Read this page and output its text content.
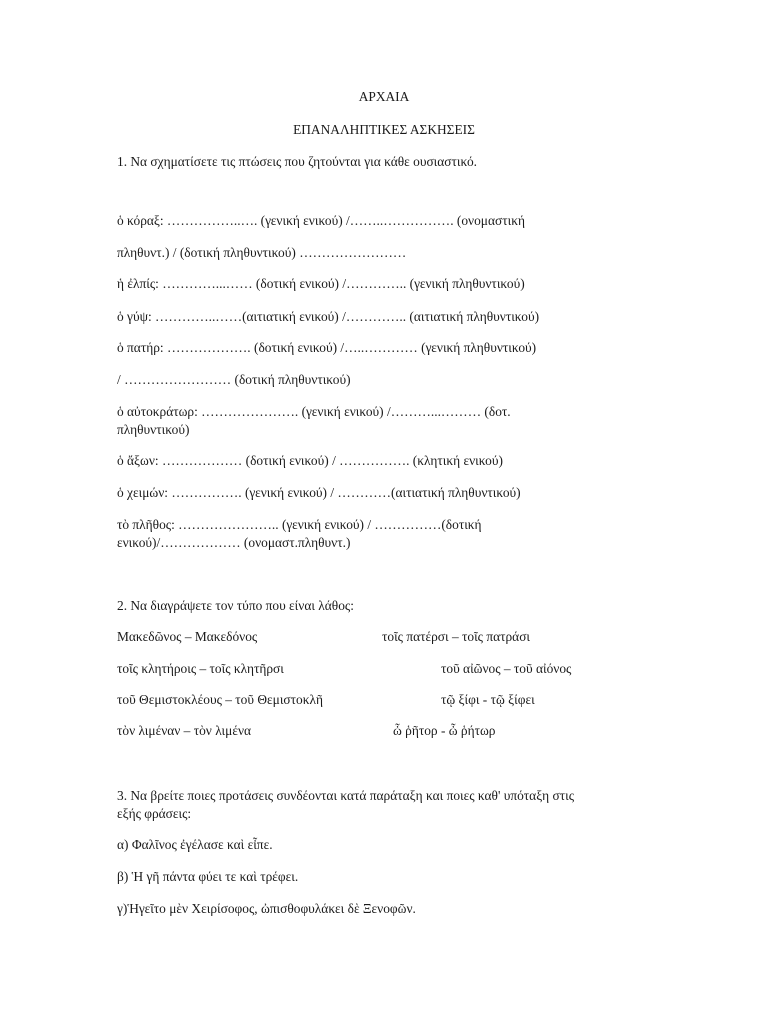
ΑΡΧΑΙΑ
ΕΠΑΝΑΛΗΠΤΙΚΕΣ ΑΣΚΗΣΕΙΣ
1. Να σχηματίσετε τις πτώσεις που ζητούνται για κάθε ουσιαστικό.
ὁ κόραξ: ……………..…. (γενική ενικού) /……..……………. (ονομαστική
πληθυντ.) / (δοτική πληθυντικού) ……………………
ἡ ἐλπίς: …………...…… (δοτική ενικού) /………….. (γενική πληθυντικού)
ὁ γύψ: …………..……(αιτιατική ενικού) /………….. (αιτιατική πληθυντικού)
ὁ πατήρ: ………………. (δοτική ενικού) /…..………… (γενική πληθυντικού)
/ …………………… (δοτική πληθυντικού)
ὁ αὐτοκράτωρ: …………………. (γενική ενικού) /………...……… (δοτ.
πληθυντικού)
ὁ ἄξων: ……………… (δοτική ενικού) / ……………. (κλητική ενικού)
ὁ χειμών: ……………. (γενική ενικού) / …………(αιτιατική πληθυντικού)
τὸ πλῆθος: ………………….. (γενική ενικού) / ……………(δοτική
ενικού)/……………… (ονομαστ.πληθυντ.)
2. Να διαγράψετε τον τύπο που είναι λάθος:
Μακεδῶνος – Μακεδόνος	τοῖς πατέρσι – τοῖς πατράσι
τοῖς κλητήροις – τοῖς κλητῆρσι	τοῦ αἰῶνος – τοῦ αἰόνος
τοῦ Θεμιστοκλέους – τοῦ Θεμιστοκλῆ	τῷ ξίφι - τῷ ξίφει
τὸν λιμέναν – τὸν λιμένα	ὦ ῥῆτορ - ὦ ῥήτωρ
3. Να βρείτε ποιες προτάσεις συνδέονται κατά παράταξη και ποιες καθ' υπόταξη στις
εξής φράσεις:
α) Φαλῖνος ἐγέλασε καὶ εἶπε.
β) Ἡ γῆ πάντα φύει τε καὶ τρέφει.
γ)Ἡγεῖτο μὲν Χειρίσοφος, ὠπισθοφυλάκει δὲ Ξενοφῶν.
